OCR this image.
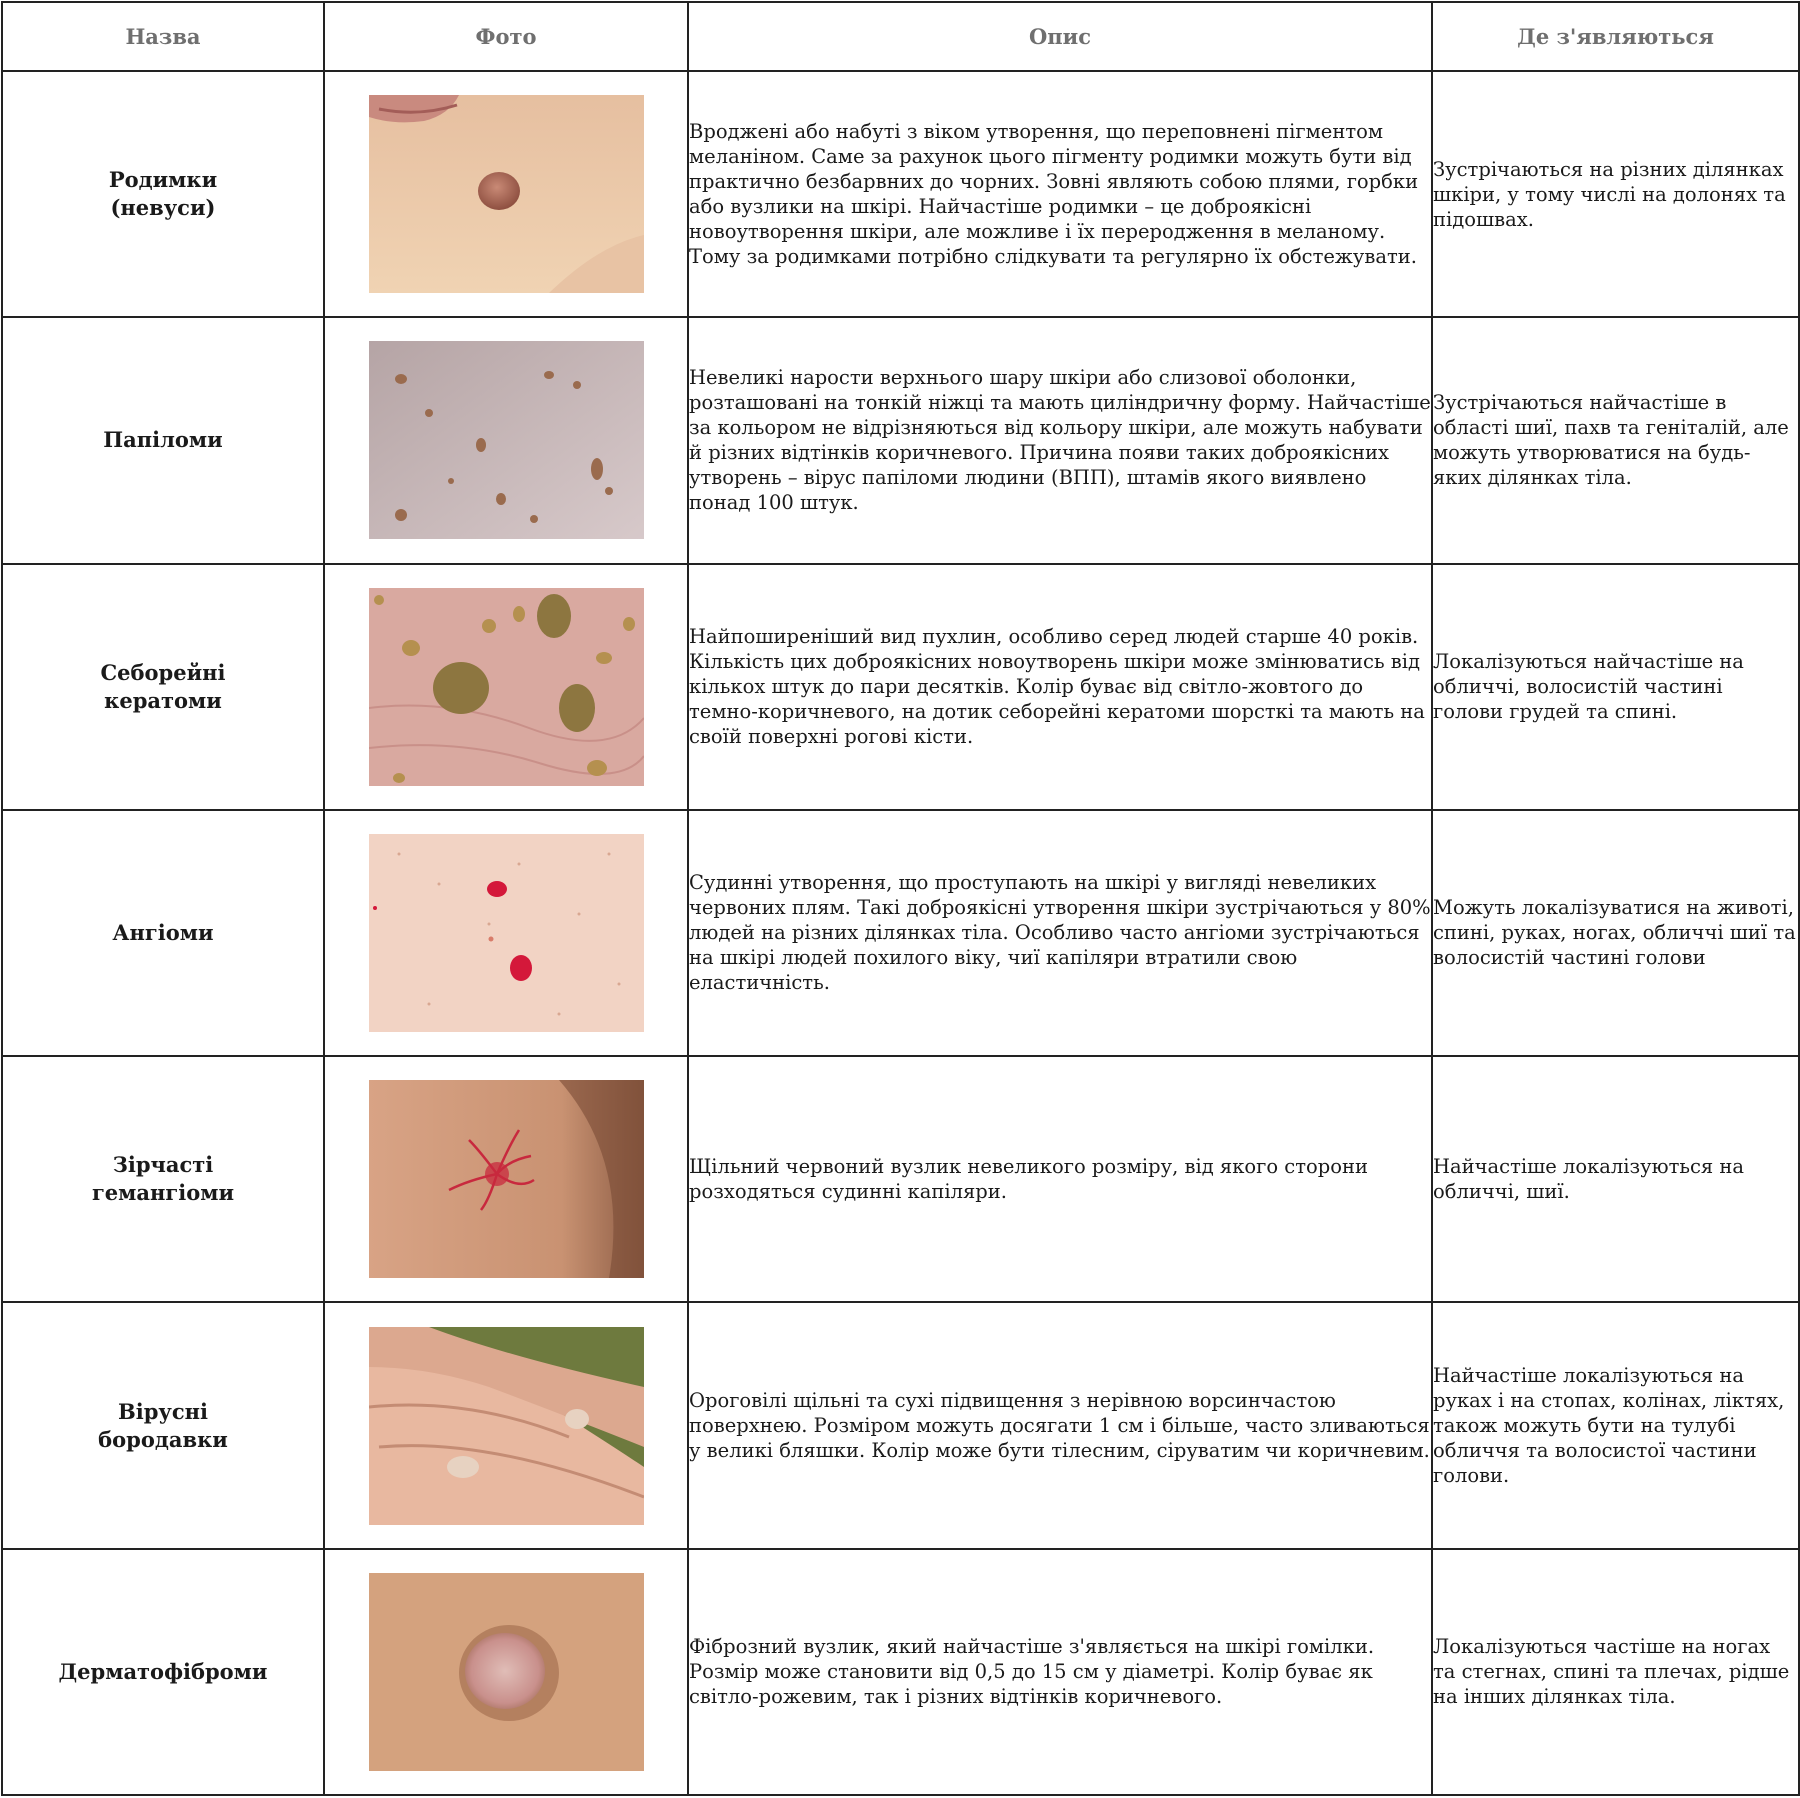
Назва	Фото	Опис	Де з'являються
Родимки
(невуси)		Вроджені або набуті з віком утворення, що переповнені пігментом меланіном. Саме за рахунок цього пігменту родимки можуть бути від практично безбарвних до чорних. Зовні являють собою плями, горбки або вузлики на шкірі. Найчастіше родимки – це доброякісні новоутворення шкіри, але можливе і їх переродження в меланому. Тому за родимками потрібно слідкувати та регулярно їх обстежувати.	Зустрічаються на різних ділянках шкіри, у тому числі на долонях та підошвах.
Папіломи		Невеликі нарости верхнього шару шкіри або слизової оболонки, розташовані на тонкій ніжці та мають циліндричну форму. Найчастіше за кольором не відрізняються від кольору шкіри, але можуть набувати й різних відтінків коричневого. Причина появи таких доброякісних утворень – вірус папіломи людини (ВПП), штамів якого виявлено понад 100 штук.	Зустрічаються найчастіше в області шиї, пахв та геніталій, але можуть утворюватися на будь-яких ділянках тіла.
Себорейні
кератоми		Найпоширеніший вид пухлин, особливо серед людей старше 40 років. Кількість цих доброякісних новоутворень шкіри може змінюватись від кількох штук до пари десятків. Колір буває від світло-жовтого до темно-коричневого, на дотик себорейні кератоми шорсткі та мають на своїй поверхні рогові кісти.	Локалізуються найчастіше на обличчі, волосистій частині голови грудей та спині.
Ангіоми		Судинні утворення, що проступають на шкірі у вигляді невеликих червоних плям. Такі доброякісні утворення шкіри зустрічаються у 80% людей на різних ділянках тіла. Особливо часто ангіоми зустрічаються на шкірі людей похилого віку, чиї капіляри втратили свою еластичність.	Можуть локалізуватися на животі, спині, руках, ногах, обличчі шиї та волосистій частині голови
Зірчасті
гемангіоми		Щільний червоний вузлик невеликого розміру, від якого сторони розходяться судинні капіляри.	Найчастіше локалізуються на обличчі, шиї.
Вірусні
бородавки		Ороговілі щільні та сухі підвищення з нерівною ворсинчастою поверхнею. Розміром можуть досягати 1 см і більше, часто зливаються у великі бляшки. Колір може бути тілесним, сіруватим чи коричневим.	Найчастіше локалізуються на руках і на стопах, колінах, ліктях, також можуть бути на тулубі обличчя та волосистої частини голови.
Дерматофіброми		Фіброзний вузлик, який найчастіше з'являється на шкірі гомілки. Розмір може становити від 0,5 до 15 см у діаметрі. Колір буває як світло-рожевим, так і різних відтінків коричневого.	Локалізуються частіше на ногах та стегнах, спині та плечах, рідше на інших ділянках тіла.
